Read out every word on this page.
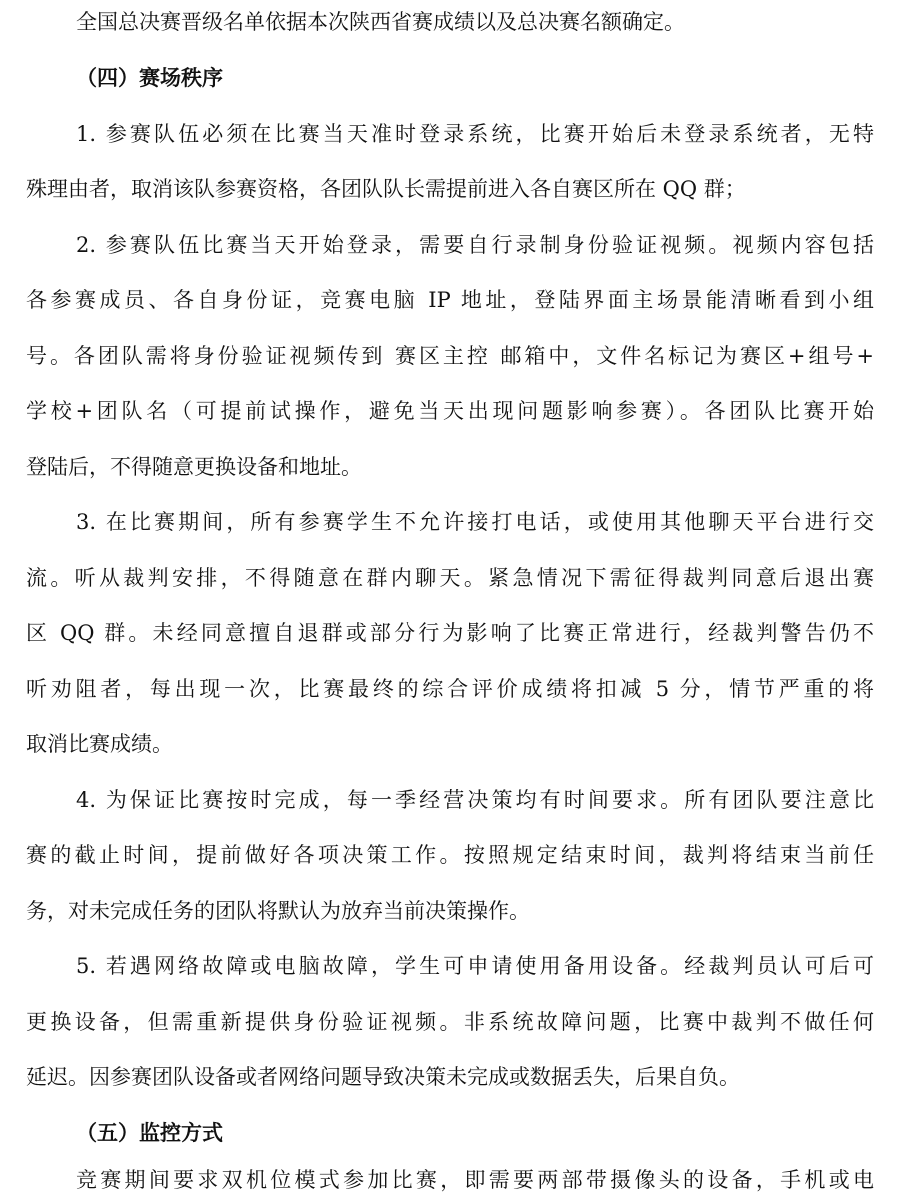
全国总决赛晋级名单依据本次陕西省赛成绩以及总决赛名额确定。
（四）赛场秩序
1. 参赛队伍必须在比赛当天准时登录系统，比赛开始后未登录系统者，无特
殊理由者，取消该队参赛资格，各团队队长需提前进入各自赛区所在 QQ 群；
2. 参赛队伍比赛当天开始登录，需要自行录制身份验证视频。视频内容包括
各参赛成员、各自身份证，竞赛电脑 IP 地址，登陆界面主场景能清晰看到小组
号。各团队需将身份验证视频传到 赛区主控 邮箱中，文件名标记为赛区+组号+
学校+团队名（可提前试操作，避免当天出现问题影响参赛）。各团队比赛开始
登陆后，不得随意更换设备和地址。
3. 在比赛期间，所有参赛学生不允许接打电话，或使用其他聊天平台进行交
流。听从裁判安排，不得随意在群内聊天。紧急情况下需征得裁判同意后退出赛
区 QQ 群。未经同意擅自退群或部分行为影响了比赛正常进行，经裁判警告仍不
听劝阻者，每出现一次，比赛最终的综合评价成绩将扣减 5 分，情节严重的将
取消比赛成绩。
4. 为保证比赛按时完成，每一季经营决策均有时间要求。所有团队要注意比
赛的截止时间，提前做好各项决策工作。按照规定结束时间，裁判将结束当前任
务，对未完成任务的团队将默认为放弃当前决策操作。
5. 若遇网络故障或电脑故障，学生可申请使用备用设备。经裁判员认可后可
更换设备，但需重新提供身份验证视频。非系统故障问题，比赛中裁判不做任何
延迟。因参赛团队设备或者网络问题导致决策未完成或数据丢失，后果自负。
（五）监控方式
竞赛期间要求双机位模式参加比赛，即需要两部带摄像头的设备，手机或电
